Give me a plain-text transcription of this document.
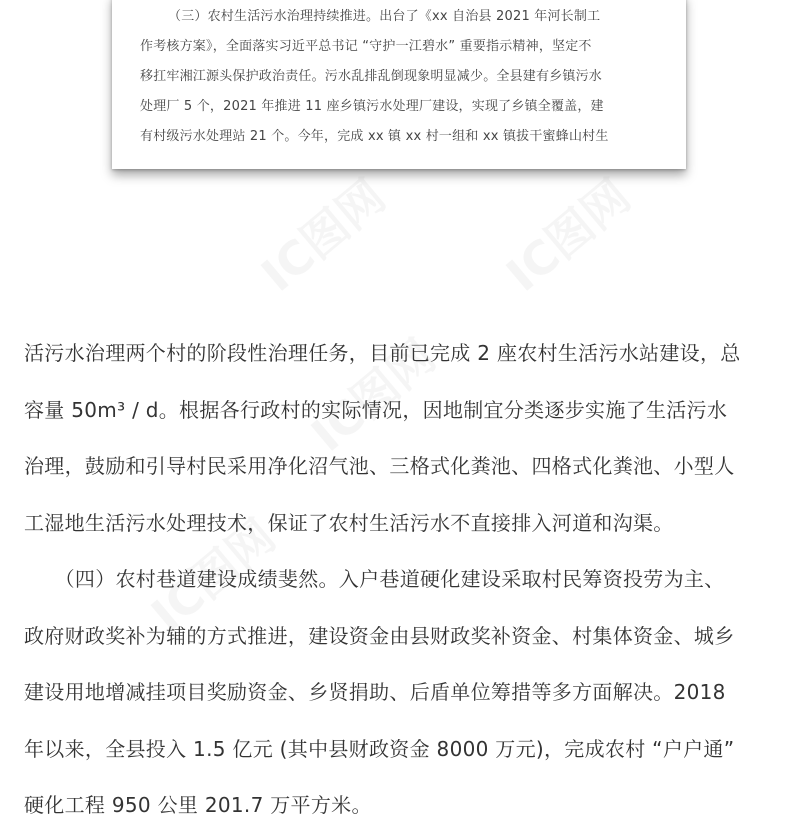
IC图网 IC图网
IC图网
IC图网
（三）农村生活污水治理持续推进。出台了《xx 自治县 2021 年河长制工
作考核方案》，全面落实习近平总书记 “守护一江碧水” 重要指示精神，坚定不
移扛牢湘江源头保护政治责任。污水乱排乱倒现象明显减少。全县建有乡镇污水
处理厂 5 个，2021 年推进 11 座乡镇污水处理厂建设，实现了乡镇全覆盖，建
有村级污水处理站 21 个。今年，完成 xx 镇 xx 村一组和 xx 镇拔干蜜蜂山村生
活污水治理两个村的阶段性治理任务，目前已完成 2 座农村生活污水站建设，总
容量 50m³ / d。根据各行政村的实际情况，因地制宜分类逐步实施了生活污水
治理，鼓励和引导村民采用净化沼气池、三格式化粪池、四格式化粪池、小型人
工湿地生活污水处理技术，保证了农村生活污水不直接排入河道和沟渠。
　　（四）农村巷道建设成绩斐然。入户巷道硬化建设采取村民筹资投劳为主、
政府财政奖补为辅的方式推进，建设资金由县财政奖补资金、村集体资金、城乡
建设用地增减挂项目奖励资金、乡贤捐助、后盾单位筹措等多方面解决。2018
年以来，全县投入 1.5 亿元 (其中县财政资金 8000 万元)，完成农村 “户户通”
硬化工程 950 公里 201.7 万平方米。
